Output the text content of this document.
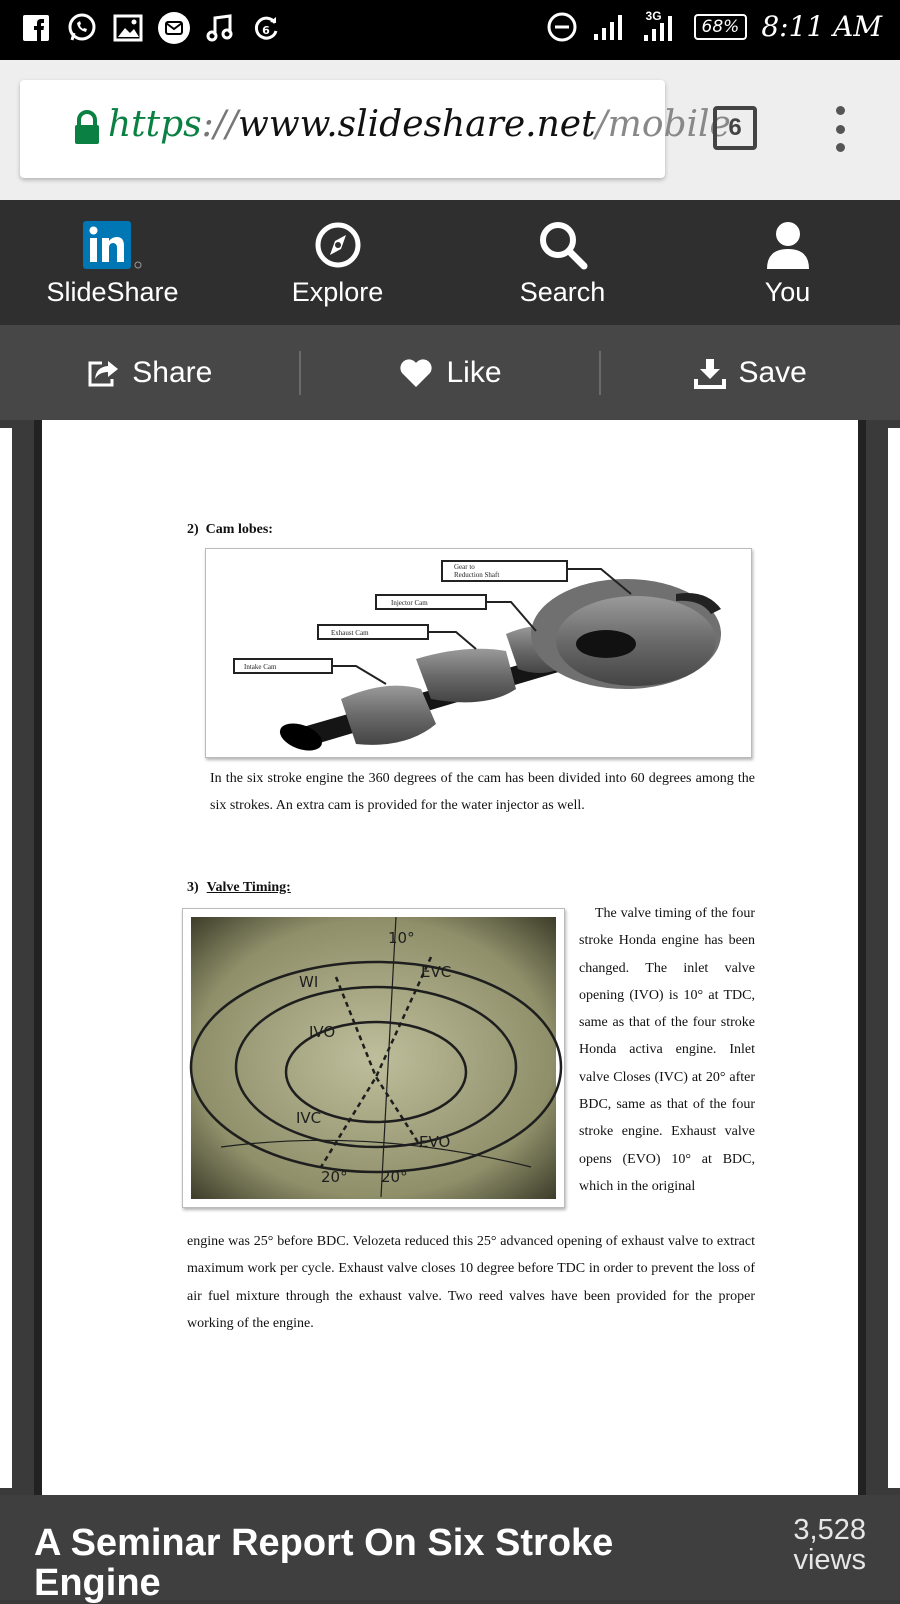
6
3G
68% 8:11 AM
https://www.slideshare.net/mobile
6
SlideShare	Explore	Search	You
Share	Like	Save
2) Cam lobes:
Gear to
Reduction Shaft
Injector Cam
Exhaust Cam
Intake Cam

In the six stroke engine the 360 degrees of the cam has been divided into 60 degrees among the six strokes. An extra cam is provided for the water injector as well.

3) Valve Timing:
10°
EVC
WI
IVO
IVC
EVO
20° 20°

The valve timing of the four stroke Honda engine has been changed. The inlet valve opening (IVO) is 10° at TDC, same as that of the four stroke Honda activa engine. Inlet valve Closes (IVC) at 20° after BDC, same as that of the four stroke engine. Exhaust valve opens (EVO) 10° at BDC, which in the original

engine was 25° before BDC. Velozeta reduced this 25° advanced opening of exhaust valve to extract maximum work per cycle. Exhaust valve closes 10 degree before TDC in order to prevent the loss of air fuel mixture through the exhaust valve. Two reed valves have been provided for the proper working of the engine.

A Seminar Report On Six Stroke Engine
3,528
views
